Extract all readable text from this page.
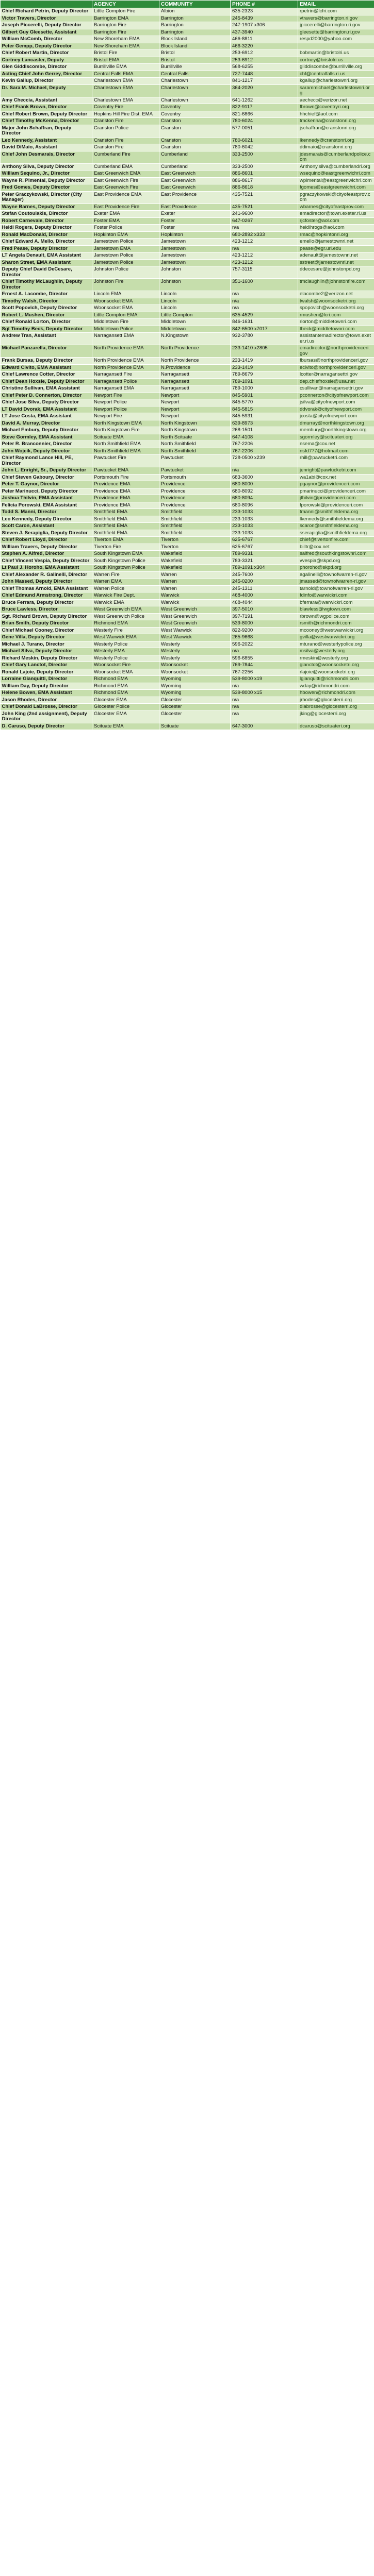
	AGENCY	COMMUNITY	PHONE #	EMAIL
Chief Richard Petrin, Deputy Director	Little Compton Fire	Albion	635-2323	rpetrin@lcfri.com
Victor Travers, Director	Barrington EMA	Barrington	245-8439	vtravers@barrington.ri.gov
Joseph Piccerelli, Deputy Director	Barrington Fire	Barrington	247-1907 x306	jpiccerelli@barrington.ri.gov
Gilbert Guy Gleesette, Assistant	Barrington Fire	Barrington	437-3940	gleesette@barrington.ri.gov
William McComb, Director	New Shoreham EMA	Block Island	466-8811	respd2000@yahoo.com
Peter Gempp, Deputy Director	New Shoreham EMA	Block Island	466-3220	
Chief Robert Martin, Director	Bristol Fire	Bristol	253-6912	bobmartin@bristolri.us
Cortney Lancaster, Deputy	Bristol EMA	Bristol	253-6912	cortney@bristolri.us
Glen Giddiscombe, Director	Burrillville EMA	Burrillville	568-6255	gliddiscombe@burrillville.org
Acting Chief John Gerrey, Director	Central Falls EMA	Central Falls	727-7448	chf@centralfalls.ri.us
Kevin Gallup, Director	Charlestown EMA	Charlestown	841-1217	kgallup@charlestownri.org
Dr. Sara M. Michael, Deputy	Charlestown EMA	Charlestown	364-2020	sarammichael@charlestownri.org
Amy Checcia, Assistant	Charlestown EMA	Charlestown	641-1262	aechecc@verizon.net
Chief Frank Brown, Director	Coventry Fire	Coventry	822-9117	fbrown@coventryri.org
Chief Robert Brown, Deputy Director	Hopkins Hill Fire Dist. EMA	Coventry	821-6866	hhchief@aol.com
Chief Timothy McKenna, Director	Cranston Fire	Cranston	780-6024	tmckenna@cranstonri.org
Major John Schaffran, Deputy Director	Cranston Police	Cranston	577-0051	jschaffran@cranstonri.org
Leo Kennedy, Assistant	Cranston Fire	Cranston	780-6021	lkennedy@cranstonri.org
David DiMaio, Assistant	Cranston Fire	Cranston	780-6042	ddimaio@cranstonri.org
Chief John Desmarais, Director	Cumberland Fire	Cumberland	333-2500	jdesmarais@cumberlandpolice.com
Anthony Silva, Deputy Director	Cumberland EMA	Cumberland	333-2500	Anthony.silva@cumberlandri.org
William Sequino, Jr., Director	East Greenwich EMA	East Greenwich	886-8601	wsequino@eastgreenwichri.com
Wayne R. Pimental, Deputy Director	East Greenwich Fire	East Greenwich	886-8617	wpimental@eastgreenwichri.com
Fred Gomes, Deputy Director	East Greenwich Fire	East Greenwich	886-8618	fgomes@eastgreenwichri.com
Peter Graczykowski, Director (City Manager)	East Providence EMA	East Providence	435-7521	pgraczykowski@cityofeastprov.com
Wayne Barnes, Deputy Director	East Providence Fire	East Providence	435-7521	wbarnes@cityofeastprov.com
Stefan Coutoulakis, Director	Exeter EMA	Exeter	241-9600	emadirector@town.exeter.ri.us
Robert Carnevale, Director	Foster EMA	Foster	647-0267	rjcfoster@aol.com
Heidi Rogers, Deputy Director	Foster Police	Foster	n/a	heidihrogs@aol.com
Ronald MacDonald, Director	Hopkinton EMA	Hopkinton	680-2892 x333	rmac@hopkintonri.org
Chief Edward A. Mello, Director	Jamestown Police	Jamestown	423-1212	emello@jamestownri.net
Fred Pease, Deputy Director	Jamestown EMA	Jamestown	n/a	pease@egr.uri.edu
LT Angela Denault, EMA Assistant	Jamestown Police	Jamestown	423-1212	adenault@jamestownri.net
Sharon Street, EMA Assistant	Jamestown Police	Jamestown	423-1212	sstreet@jamestownri.net
Deputy Chief David DeCesare, Director	Johnston Police	Johnston	757-3115	ddecesare@johnstonpd.org
Chief Timothy McLaughlin, Deputy Director	Johnston Fire	Johnston	351-1600	tmclaughlin@johnstonfire.com
Ernest A. Lacombe, Director	Lincoln EMA	Lincoln	n/a	elacombe2@verizon.net
Timothy Walsh, Director	Woonsocket EMA	Lincoln	n/a	twalsh@woonsocketri.org
Scott Popovich, Deputy Director	Woonsocket EMA	Lincoln	n/a	spopovich@woonsocketri.org
Robert L. Mushen, Director	Little Compton EMA	Little Compton	635-4529	rmushen@lcri.com
Chief Ronald Lorton, Director	Middletown Fire	Middletown	846-1631	rlorton@middletownri.com
Sgt Timothy Beck, Deputy Director	Middletown Police	Middletown	842-6500 x7017	tbeck@middletownri.com
Andrew Tran, Assistant	Narragansett EMA	N.Kingstown	932-3780	assistantemadirector@town.exeter.ri.us
Michael Panzarella, Director	North Providence EMA	North Providence	233-1410 x2805	emadirector@northprovidenceri.gov
Frank Bursas, Deputy Director	North Providence EMA	North Providence	233-1419	fbursas@northprovidenceri.gov
Edward Civito, EMA Assistant	North Providence EMA	N.Providence	233-1419	ecivito@northprovidenceri.gov
Chief Lawrence Cotter, Director	Narragansett Fire	Narragansett	789-8679	lcotter@narragansettri.gov
Chief Dean Hoxsie, Deputy Director	Narragansett Police	Narragansett	789-1091	dep.chiefhoxsie@usa.net
Christine Sullivan, EMA Assistant	Narragansett EMA	Narragansett	789-1000	csullivan@narragansettri.gov
Chief Peter D. Connerton, Director	Newport Fire	Newport	845-5901	pconnerton@cityofnewport.com
Chief Jose Silva, Deputy Director	Newport Police	Newport	845-5770	jsilva@cityofnewport.com
LT David Dvorak, EMA Assistant	Newport Police	Newport	845-5815	ddvorak@cityofnewport.com
LT Jose Costa, EMA Assistant	Newport Fire	Newport	845-5931	jcosta@cityofnewport.com
David A. Murray, Director	North Kingstown EMA	North Kingstown	639-8973	dmurray@northkingstown.org
Michael Embury, Deputy Director	North Kingstown Fire	North Kingstown	268-1501	membury@northkingstown.org
Steve Gormley, EMA Assistant	Scituate EMA	North Scituate	647-4108	sgormley@scituateri.org
Peter R. Branconnier, Director	North Smithfield EMA	North Smithfield	767-2206	nsema@cox.net
John Wojcik, Deputy Director	North Smithfield EMA	North Smithfield	767-2206	nsfd777@hotmail.com
Chief Raymond Lance Hill, PE, Director	Pawtucket Fire	Pawtucket	728-0500 x239	rhill@pawtucketri.com
John L. Enright, Sr., Deputy Director	Pawtucket EMA	Pawtucket	n/a	jenright@pawtucketri.com
Chief Steven Gaboury, Director	Portsmouth Fire	Portsmouth	683-3600	wa1abi@cox.net
Peter T. Gaynor, Director	Providence EMA	Providence	680-8000	pgaynor@providenceri.com
Peter Marinucci, Deputy Director	Providence EMA	Providence	680-8092	pmarinucci@providenceri.com
Joshua Thilvin, EMA Assistant	Providence EMA	Providence	680-8094	jthilvin@providenceri.com
Felicia Porowski, EMA Assistant	Providence EMA	Providence	680-8096	fporowski@providenceri.com
Todd S. Manni, Director	Smithfield EMA	Smithfield	233-1033	tmanni@smithfieldema.org
Leo Kennedy, Deputy Director	Smithfield EMA	Smithfield	233-1033	lkennedy@smithfieldema.org
Scott Caron, Assistant	Smithfield EMA	Smithfield	233-1033	scaron@smithfieldema.org
Steven J. Serapiglia, Deputy Director	Smithfield EMA	Smithfield	233-1033	sserapiglia@smithfieldema.org
Chief Robert Lloyd, Director	Tiverton EMA	Tiverton	625-6767	chief@tivertonfire.com
William Travers, Deputy Director	Tiverton Fire	Tiverton	625-6767	billtr@cox.net
Stephen A. Alfred, Director	South Kingstown EMA	Wakefield	789-9331	salfred@southkingstownri.com
Chief Vincent Vespia, Deputy Director	South Kingstown Police	Wakefield	783-3321	vvespia@skpd.org
Lt Paul J. Horoho, EMA Assistant	South Kingstown Police	Wakefield	789-1091 x304	phoroho@skpd.org
Chief Alexander R. Galinelli, Director	Warren Fire	Warren	245-7600	agalinelli@townofwarren-ri.gov
John Massed, Deputy Director	Warren EMA	Warren	245-0200	jmassed@townofwarren-ri.gov
Chief Thomas Arnold, EMA Assistant	Warren Police	Warren	245-1311	tarnold@townofwarren-ri.gov
Chief Edmund Armstrong, Director	Warwick Fire Dept.	Warwick	468-4000	fdinfo@warwickri.com
Bruce Ferrara, Deputy Director	Warwick EMA	Warwick	468-4044	bferrara@warwickri.com
Bruce Lawless, Director	West Greenwich EMA	West Greenwich	397-5010	blawless@wgtown.com
Sgt. Richard Brown, Deputy Director	West Greenwich Police	West Greenwich	397-7191	rbrown@wgpolice.com
Brian Smith, Deputy Director	Richmond EMA	West Greenwich	539-8000	rsmith@richmondri.com
Chief Michael Cooney, Director	Westerly Fire	West Warwick	822-9200	mcooney@westwarwickri.org
Gene Villa, Deputy Director	West Warwick EMA	West Warwick	265-9668	gvilla@westwarwickri.org
Michael J. Turano, Director	Westerly Police	Westerly	596-2022	mturano@westerlypolice.org
Michael Silva, Deputy Director	Westerly EMA	Westerly	n/a	msilva@westerly.org
Richard Meskin, Deputy Director	Westerly Police	Westerly	596-6855	rmeskin@westerly.org
Chief Gary Lanctot, Director	Woonsocket Fire	Woonsocket	769-7844	glanctot@woonsocketri.org
Ronald Lajoie, Deputy Director	Woonsocket EMA	Woonsocket	767-2256	rlajoie@woonsocketri.org
Lorraine Gianquitti, Director	Richmond EMA	Wyoming	539-8000 x19	lgianquitti@richmondri.com
William Day, Deputy Director	Richmond EMA	Wyoming	n/a	wday@richmondri.com
Helene Bowen, EMA Assistant	Richmond EMA	Wyoming	539-8000 x15	hbowen@richmondri.com
Jason Rhodes, Director	Glocester EMA	Glocester	n/a	jrhodes@glocesterri.org
Chief Donald LaBrosse, Director	Glocester Police	Glocester	n/a	dlabrosse@glocesterri.org
John King (2nd assignment), Deputy Director	Glocester EMA	Glocester	n/a	jking@glocesterri.org
D. Caruso, Deputy Director	Scituate EMA	Scituate	647-3000	dcaruso@scituateri.org
